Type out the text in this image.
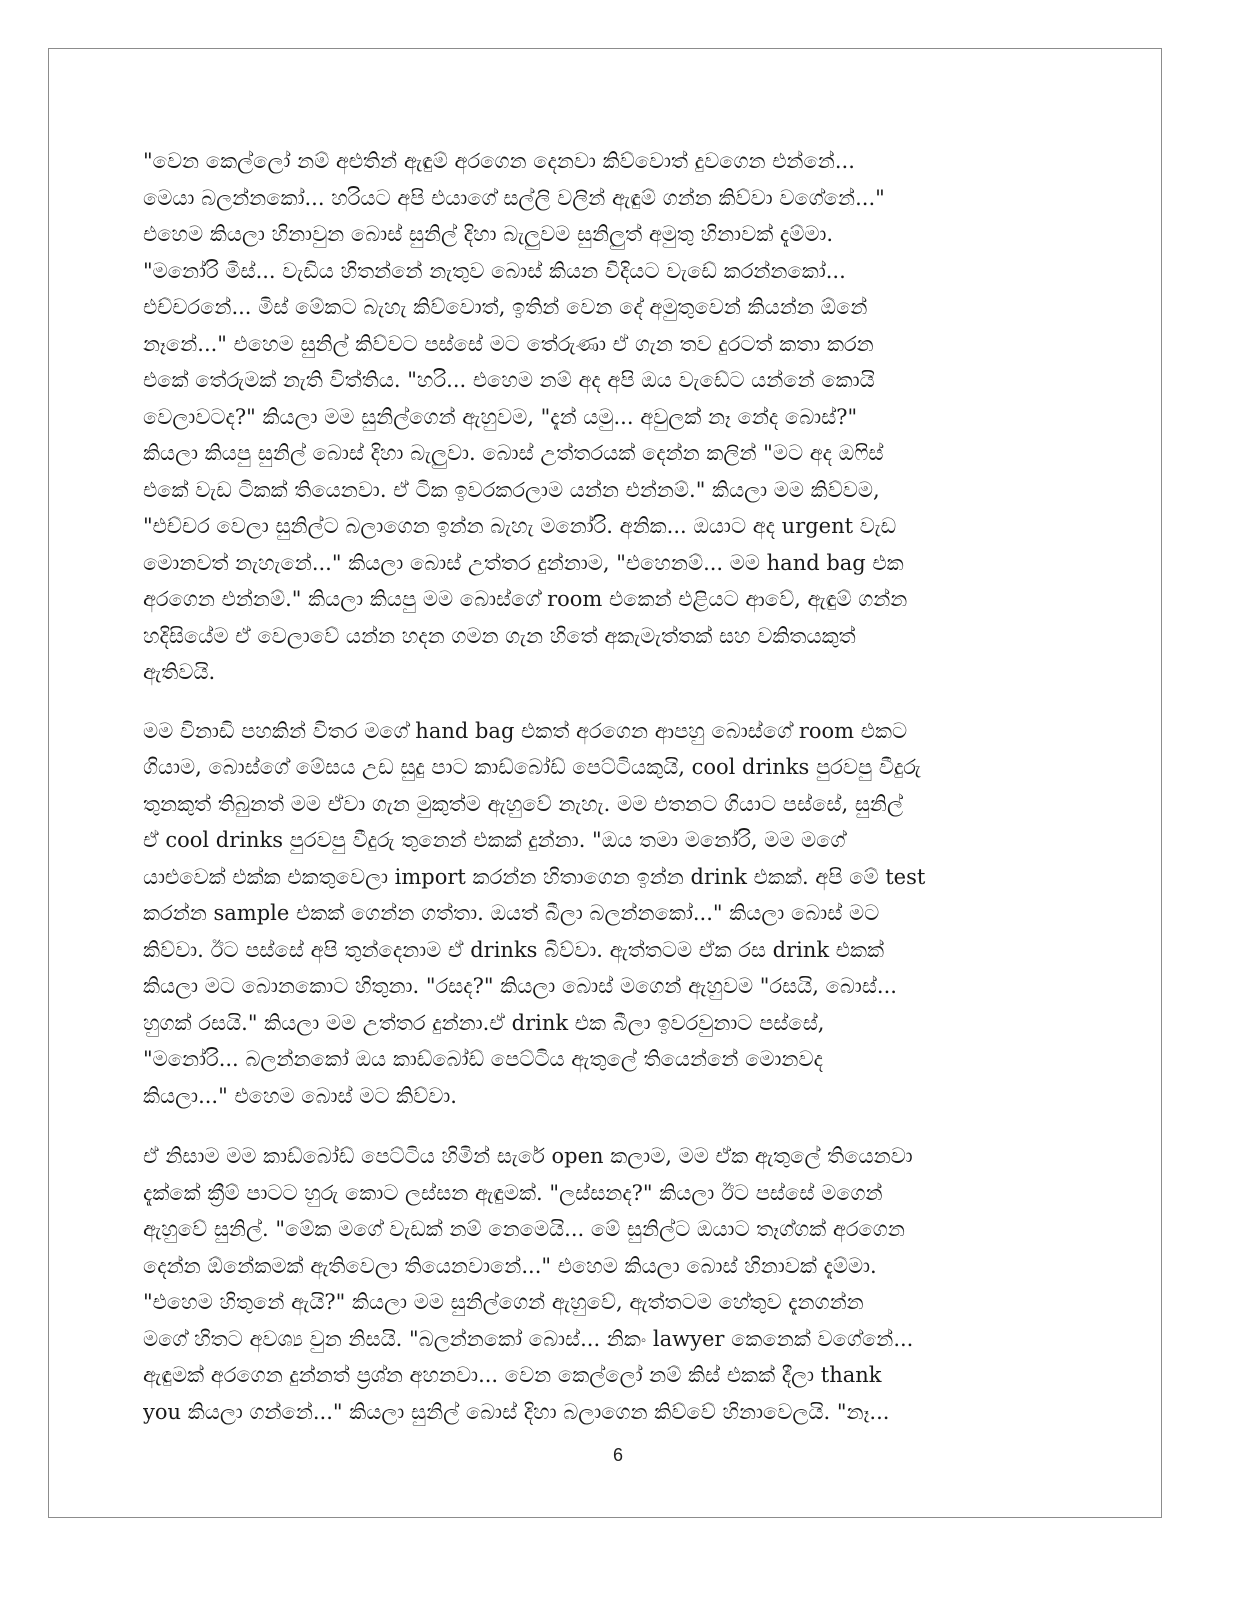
"වෙන කෙල්ලෝ නම් අළුතින් ඇඳුම් අරගෙන දෙනවා කිව්වොත් දුවගෙන එන්නේ...
මෙයා බලන්නකෝ... හරියට අපි එයාගේ සල්ලි වලින් ඇඳුම් ගන්න කිව්වා වගේනේ..."
එහෙම කියලා හිනාවුන බොස් සුනිල් දිහා බැලුවම සුනිලුත් අමුතු හිනාවක් දැම්මා.
"මනෝරි මිස්... වැඩිය හිතන්නේ නැතුව බොස් කියන විදියට වැඩේ කරන්නකෝ...
එච්චරනේ... මිස් මේකට බැහැ කිව්වොත්, ඉතින් වෙන දේ අමුතුවෙන් කියන්න ඕනේ
නෑනේ..." එහෙම සුනිල් කිව්වට පස්සේ මට තේරුණා ඒ ගැන තව දුරටත් කතා කරන
එකේ තේරුමක් නැති විත්තිය. "හරි... එහෙම නම් අද අපි ඔය වැඩේට යන්නේ කොයි
වෙලාවටද?" කියලා මම සුනිල්ගෙන් ඇහුවම, "දැන් යමු... අවුලක් නෑ නේද බොස්?"
කියලා කියපු සුනිල් බොස් දිහා බැලුවා. බොස් උත්තරයක් දෙන්න කලින් "මට අද ඔෆිස්
එකේ වැඩ ටිකක් තියෙනවා. ඒ ටික ඉවරකරලාම යන්න එන්නම්." කියලා මම කිව්වම,
"එච්චර වෙලා සුනිල්ට බලාගෙන ඉන්න බැහැ මනෝරි. අනික... ඔයාට අද urgent වැඩ
මොනවත් නැහැනේ..." කියලා බොස් උත්තර දුන්නාම, "එහෙනම්... මම hand bag එක
අරගෙන එන්නම්." කියලා කියපු මම බොස්ගේ room එකෙන් එළියට ආවේ, ඇඳුම් ගන්න
හදිසියේම ඒ වෙලාවේ යන්න හදන ගමන ගැන හිතේ අකැමැත්තක් සහ වකිතයකුත්
ඇතිවයි.
මම විනාඩි පහකින් විතර මගේ hand bag එකත් අරගෙන ආපහු බොස්ගේ room එකට
ගියාම, බොස්ගේ මේසය උඩ සුදු පාට කාඩ්බෝඩ් පෙට්ටියකුයි, cool drinks පුරවපු වීදුරු
තුනකුත් තිබුනත් මම ඒවා ගැන මුකුත්ම ඇහුවේ නැහැ. මම එතනට ගියාට පස්සේ, සුනිල්
ඒ cool drinks පුරවපු වීදුරු තුනෙන් එකක් දුන්නා. "ඔය තමා මනෝරි, මම මගේ
යාළුවෙක් එක්ක එකතුවෙලා import කරන්න හිතාගෙන ඉන්න drink එකක්. අපි මේ test
කරන්න sample එකක් ගෙන්න ගත්තා. ඔයත් බීලා බලන්නකෝ..." කියලා බොස් මට
කිව්වා. ඊට පස්සේ අපි තුන්දෙනාම ඒ drinks බිව්වා. ඇත්තටම ඒක රස drink එකක්
කියලා මට බොනකොට හිතුනා. "රසද?" කියලා බොස් මගෙන් ඇහුවම "රසයි, බොස්...
හුගක් රසයි." කියලා මම උත්තර දුන්නා.ඒ drink එක බීලා ඉවරවුනාට පස්සේ,
"මනෝරි... බලන්නකෝ ඔය කාඩ්බෝඩ් පෙට්ටිය ඇතුලේ තියෙන්නේ මොනවද
කියලා..." එහෙම බොස් මට කිව්වා.
ඒ නිසාම මම කාඩ්බෝඩ් පෙට්ටිය හිමින් සැරේ open කලාම, මම ඒක ඇතුලේ තියෙනවා
දැක්කේ ක්‍රීම් පාටට හුරු කොට ලස්සන ඇඳුමක්. "ලස්සනද?" කියලා ඊට පස්සේ මගෙන්
ඇහුවේ සුනිල්. "මේක මගේ වැඩක් නම් නෙමෙයි... මේ සුනිල්ට ඔයාට තෑග්ගක් අරගෙන
දෙන්න ඕනේකමක් ඇතිවෙලා තියෙනවානේ..." එහෙම කියලා බොස් හිනාවක් දැම්මා.
"එහෙම හිතුනේ ඇයි?" කියලා මම සුනිල්ගෙන් ඇහුවේ, ඇත්තටම හේතුව දැනගන්න
මගේ හිතට අවශ්‍ය වුන නිසයි. "බලන්නකෝ බොස්... නිකං lawyer කෙනෙක් වගේනේ...
ඇඳුමක් අරගෙන දුන්නත් ප්‍රශ්න අහනවා... වෙන කෙල්ලෝ නම් කිස් එකක් දීලා thank
you කියලා ගන්නේ..." කියලා සුනිල් බොස් දිහා බලාගෙන කිව්වේ හිනාවෙලයි. "නෑ...
6
